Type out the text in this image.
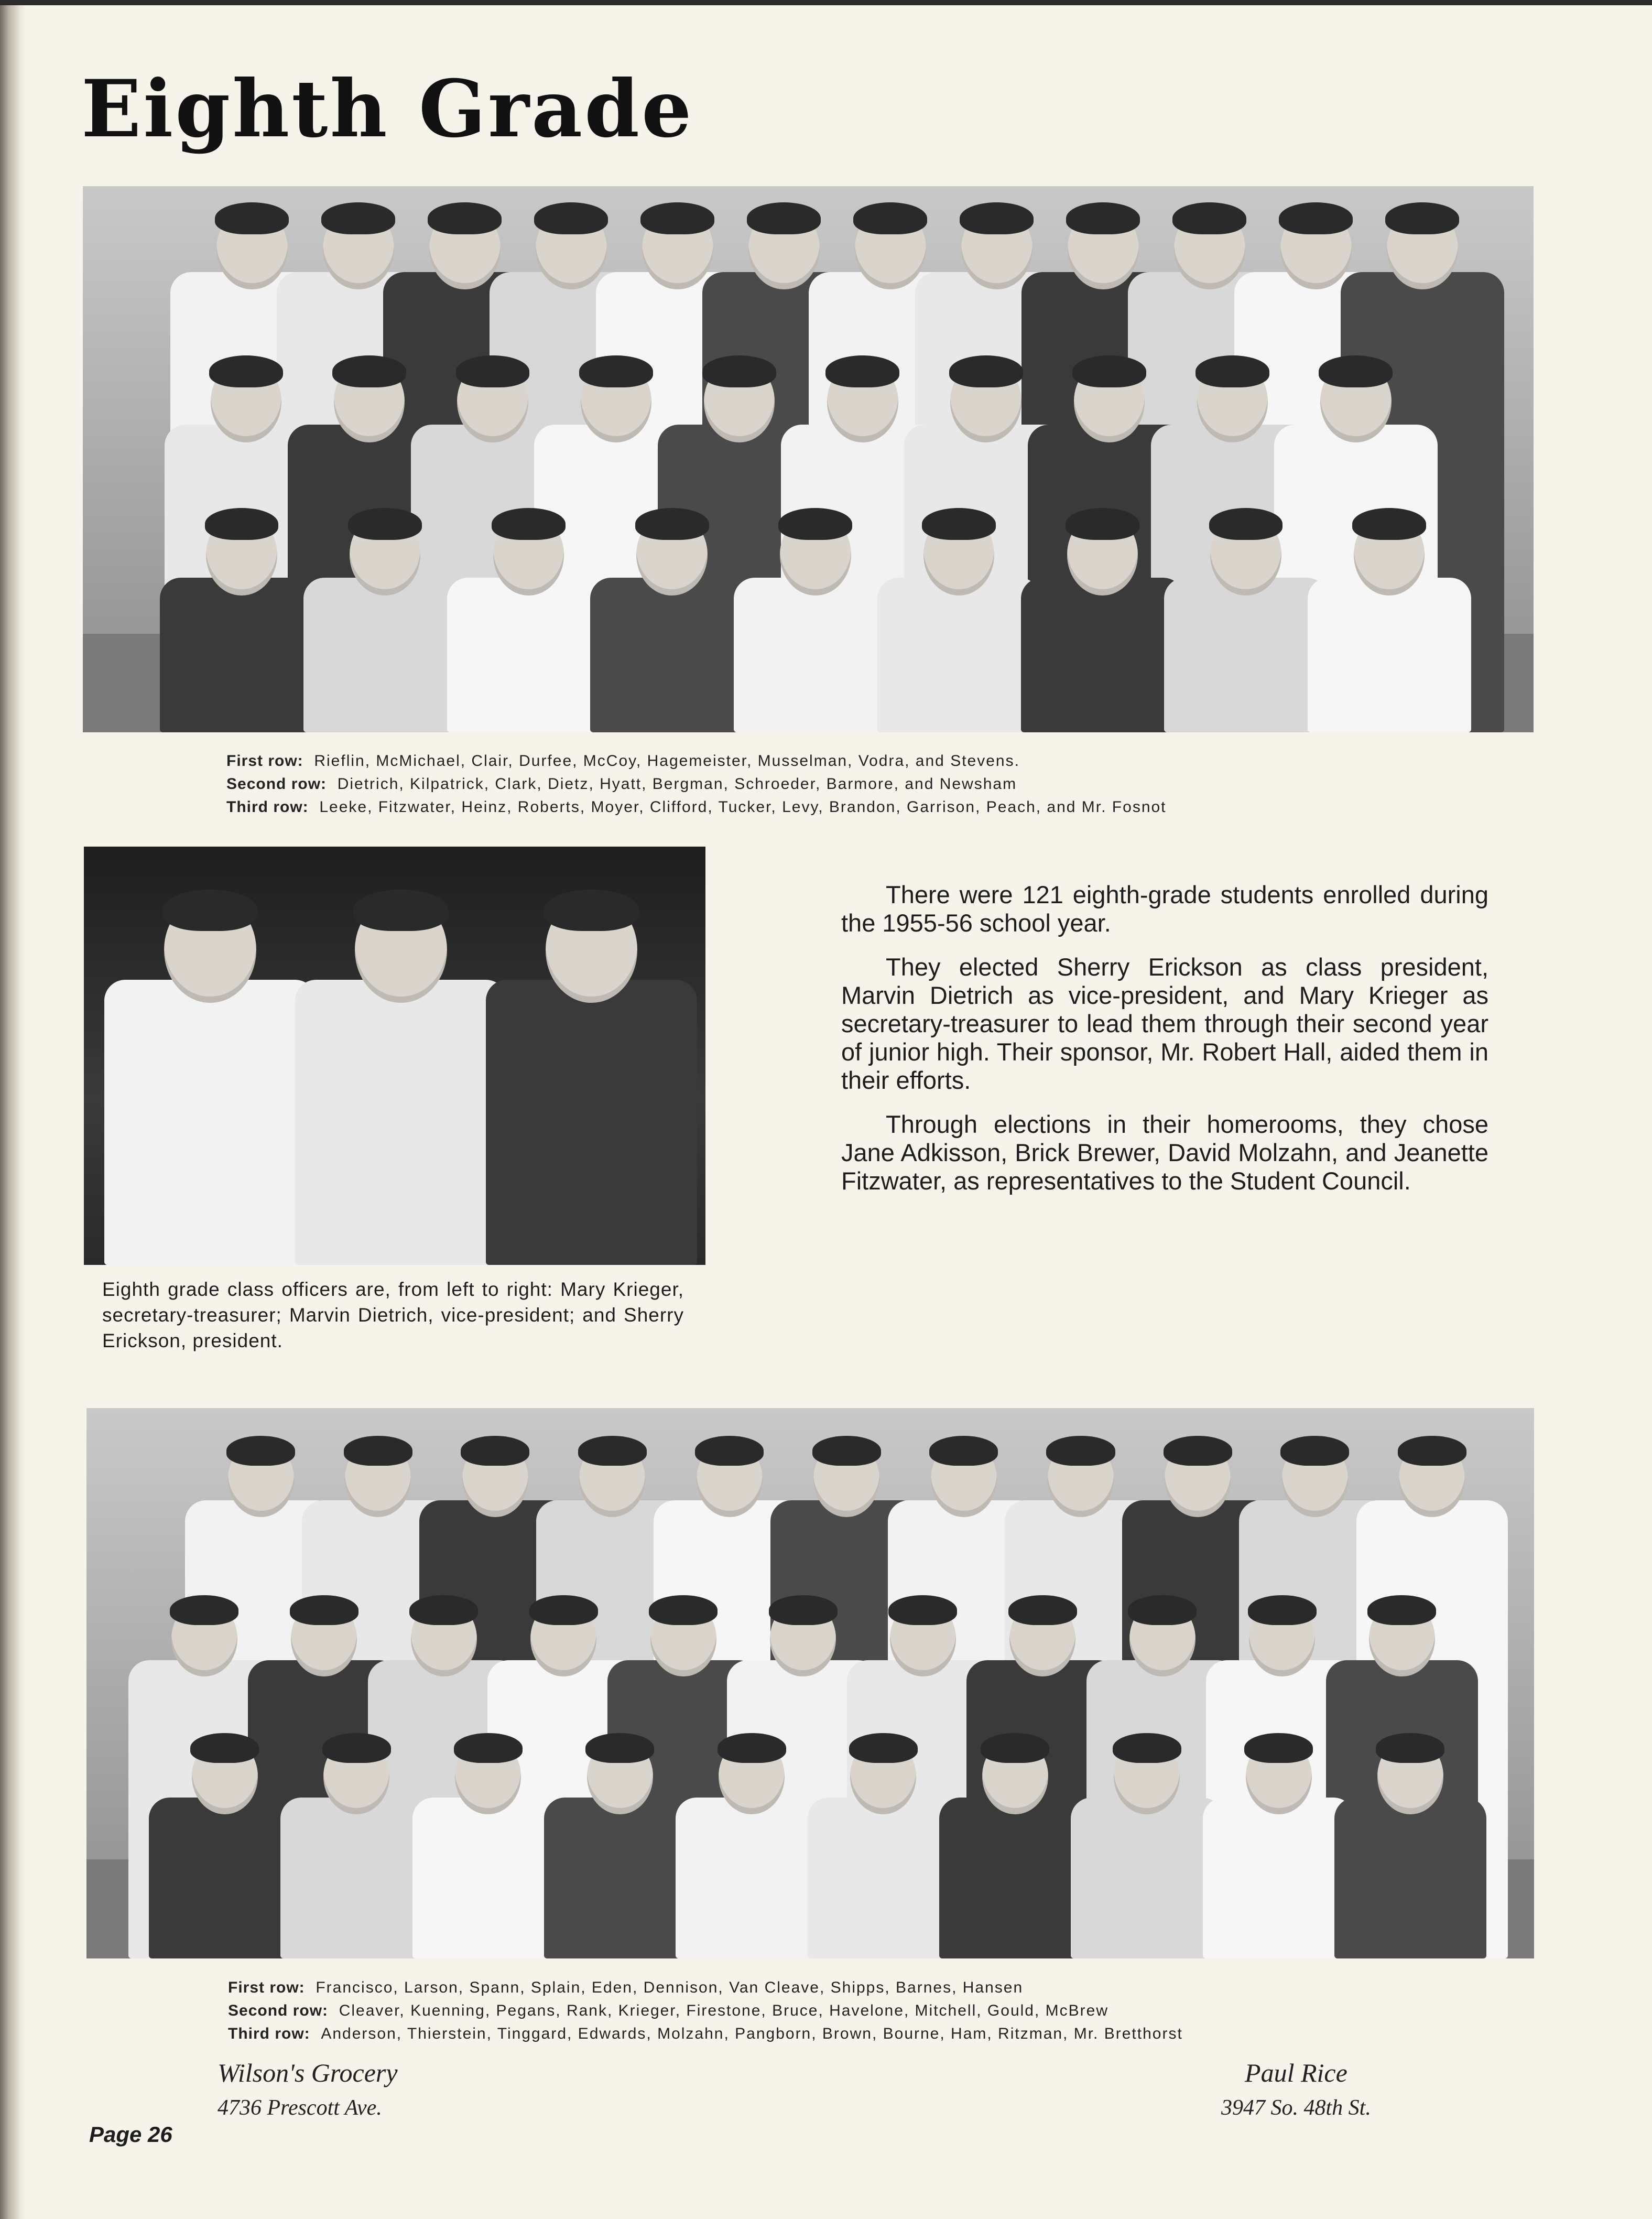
Eighth Grade
First row: Rieflin, McMichael, Clair, Durfee, McCoy, Hagemeister, Musselman, Vodra, and Stevens.
Second row: Dietrich, Kilpatrick, Clark, Dietz, Hyatt, Bergman, Schroeder, Barmore, and Newsham
Third row: Leeke, Fitzwater, Heinz, Roberts, Moyer, Clifford, Tucker, Levy, Brandon, Garrison, Peach, and Mr. Fosnot
Eighth grade class officers are, from left to right: Mary Krieger, secretary-treasurer; Marvin Dietrich, vice-president; and Sherry Erickson, president.

There were 121 eighth-grade students enrolled during the 1955-56 school year.

They elected Sherry Erickson as class president, Marvin Dietrich as vice-president, and Mary Krieger as secretary-treasurer to lead them through their second year of junior high. Their sponsor, Mr. Robert Hall, aided them in their efforts.

Through elections in their homerooms, they chose Jane Adkisson, Brick Brewer, David Molzahn, and Jeanette Fitzwater, as representatives to the Student Council.

First row: Francisco, Larson, Spann, Splain, Eden, Dennison, Van Cleave, Shipps, Barnes, Hansen
Second row: Cleaver, Kuenning, Pegans, Rank, Krieger, Firestone, Bruce, Havelone, Mitchell, Gould, McBrew
Third row: Anderson, Thierstein, Tinggard, Edwards, Molzahn, Pangborn, Brown, Bourne, Ham, Ritzman, Mr. Bretthorst
Wilson's Grocery
4736 Prescott Ave.
Paul Rice
3947 So. 48th St.
Page 26
